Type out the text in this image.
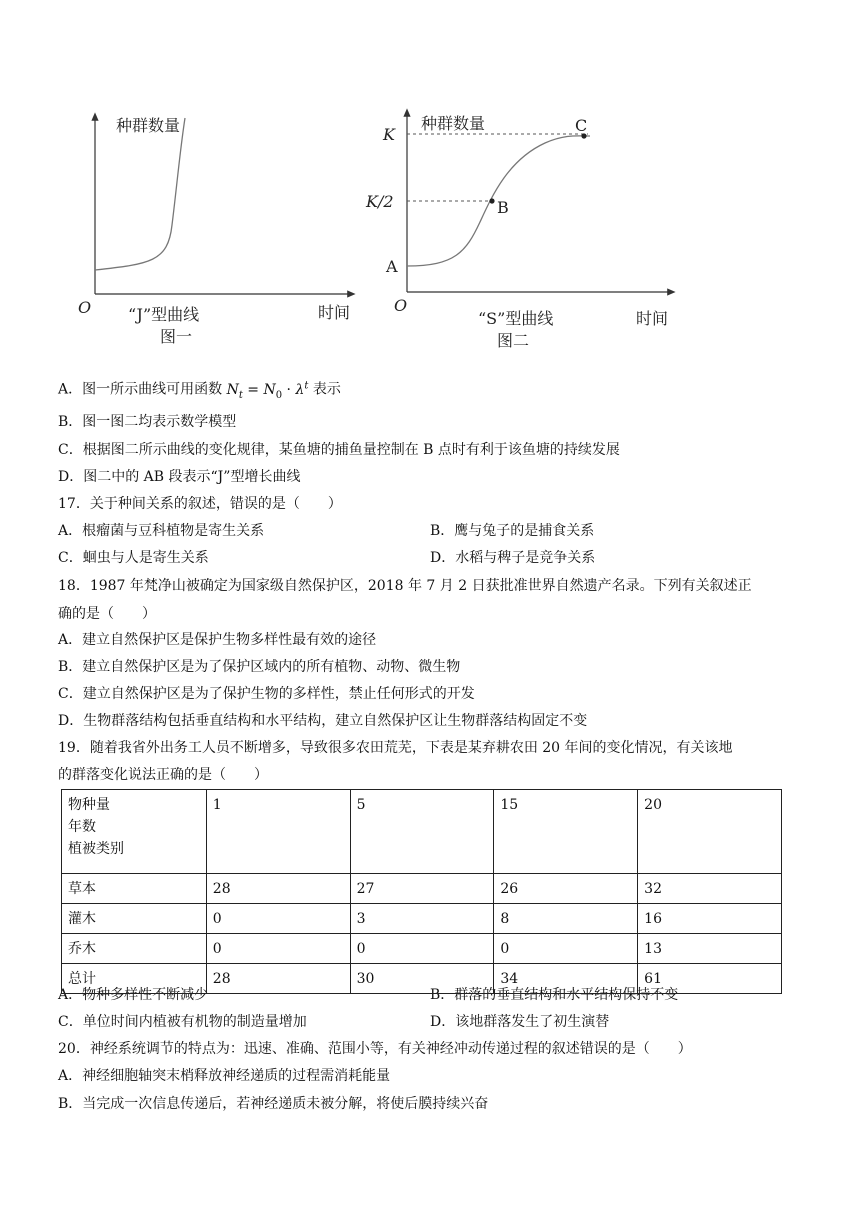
种群数量
O “J”型曲线
图一
时间
种群数量
K
K/2
A
B
C
O
“S”型曲线
图二
时间
A．图一所示曲线可用函数 $N_t = N_0 \cdot \lambda^t$ 表示
B．图一图二均表示数学模型
C．根据图二所示曲线的变化规律，某鱼塘的捕鱼量控制在 B 点时有利于该鱼塘的持续发展
D．图二中的 AB 段表示“J”型增长曲线
17．关于种间关系的叙述，错误的是（　　）
A．根瘤菌与豆科植物是寄生关系	B．鹰与兔子的是捕食关系
C．蛔虫与人是寄生关系	D．水稻与稗子是竞争关系
18．1987 年梵净山被确定为国家级自然保护区，2018 年 7 月 2 日获批准世界自然遗产名录。下列有关叙述正
确的是（　　）
A．建立自然保护区是保护生物多样性最有效的途径
B．建立自然保护区是为了保护区域内的所有植物、动物、微生物
C．建立自然保护区是为了保护生物的多样性，禁止任何形式的开发
D．生物群落结构包括垂直结构和水平结构，建立自然保护区让生物群落结构固定不变
19．随着我省外出务工人员不断增多，导致很多农田荒芜，下表是某弃耕农田 20 年间的变化情况，有关该地
的群落变化说法正确的是（　　）
A．物种多样性不断减少	B．群落的垂直结构和水平结构保持不变
C．单位时间内植被有机物的制造量增加	D．该地群落发生了初生演替
20．神经系统调节的特点为：迅速、准确、范围小等，有关神经冲动传递过程的叙述错误的是（　　）
A．神经细胞轴突末梢释放神经递质的过程需消耗能量
B．当完成一次信息传递后，若神经递质未被分解，将使后膜持续兴奋
物种量
年数
植被类别	1	5	15	20
草本	28	27	26	32
灌木	0	3	8	16
乔木	0	0	0	13
总计	28	30	34	61
